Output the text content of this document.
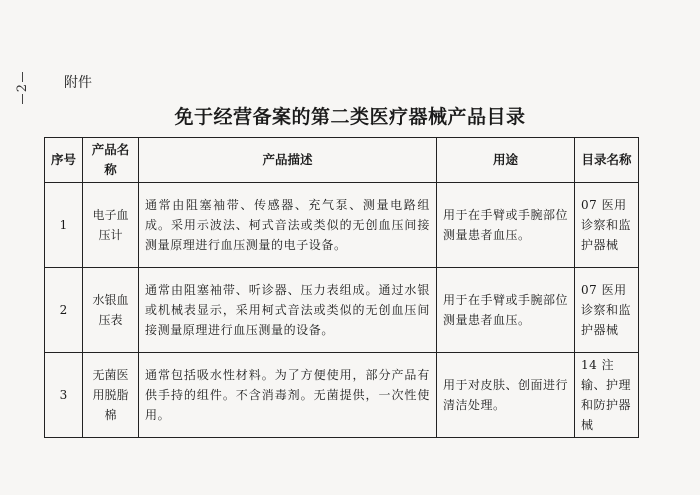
2 附件
免于经营备案的第二类医疗器械产品目录
序号	产品名称	产品描述	用途	目录名称
1	电子血压计	通常由阻塞袖带、传感器、充气泵、测量电路组成。采用示波法、柯式音法或类似的无创血压间接测量原理进行血压测量的电子设备。	用于在手臂或手腕部位测量患者血压。	07 医用诊察和监护器械
2	水银血压表	通常由阻塞袖带、听诊器、压力表组成。通过水银或机械表显示，采用柯式音法或类似的无创血压间接测量原理进行血压测量的设备。	用于在手臂或手腕部位测量患者血压。	07 医用诊察和监护器械
3	无菌医用脱脂棉	通常包括吸水性材料。为了方便使用，部分产品有供手持的组件。不含消毒剂。无菌提供，一次性使用。	用于对皮肤、创面进行清洁处理。	14 注输、护理和防护器械
